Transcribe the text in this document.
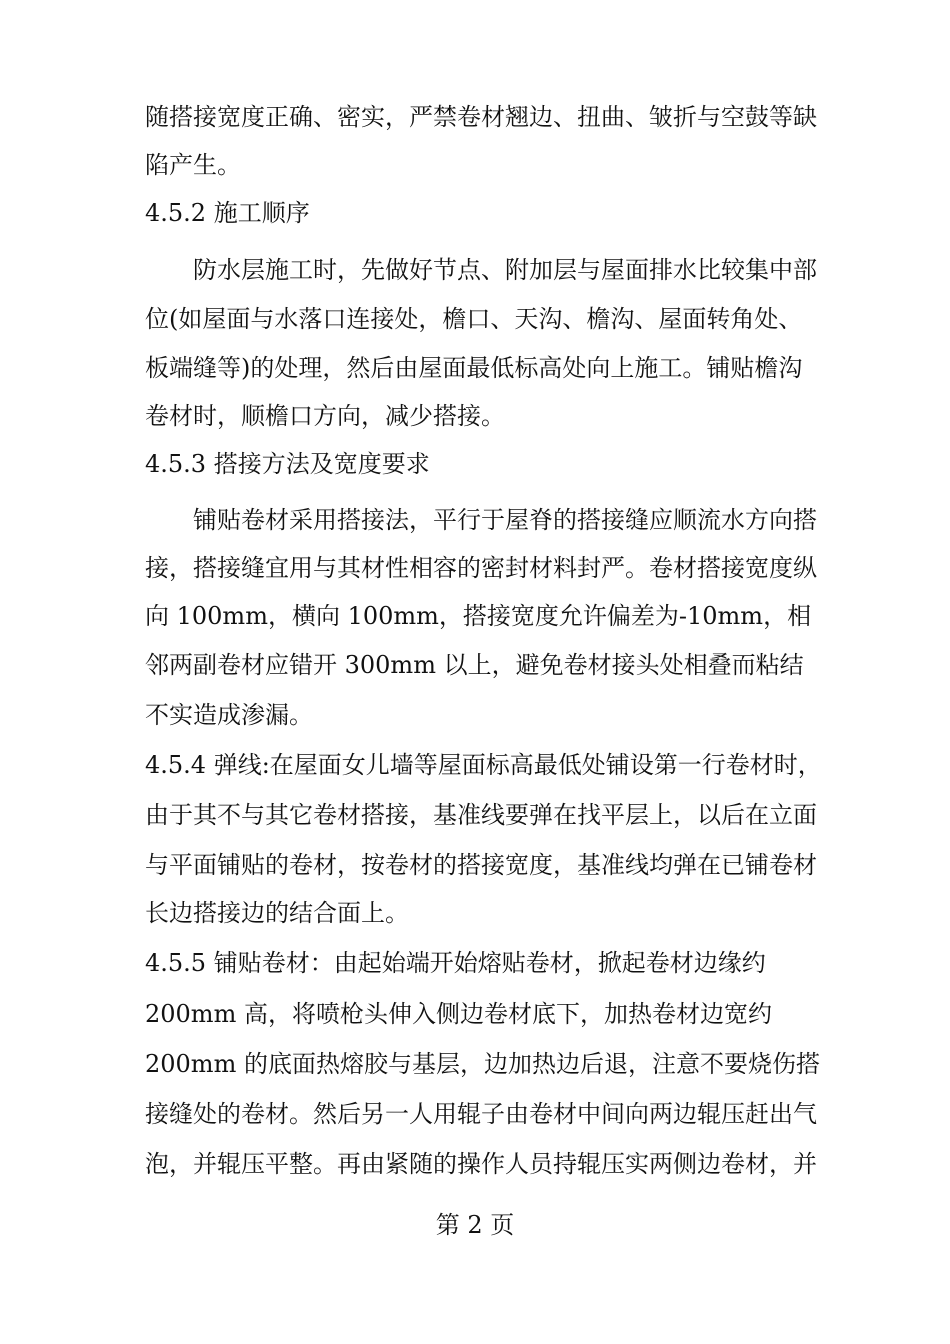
随搭接宽度正确、密实，严禁卷材翘边、扭曲、皱折与空鼓等缺
陷产生。
4.5.2 施工顺序
防水层施工时，先做好节点、附加层与屋面排水比较集中部
位(如屋面与水落口连接处，檐口、天沟、檐沟、屋面转角处、
板端缝等)的处理，然后由屋面最低标高处向上施工。铺贴檐沟
卷材时，顺檐口方向，减少搭接。
4.5.3 搭接方法及宽度要求
铺贴卷材采用搭接法，平行于屋脊的搭接缝应顺流水方向搭
接，搭接缝宜用与其材性相容的密封材料封严。卷材搭接宽度纵
向 100mm，横向 100mm，搭接宽度允许偏差为-10mm，相
邻两副卷材应错开 300mm 以上，避免卷材接头处相叠而粘结
不实造成渗漏。
4.5.4 弹线:在屋面女儿墙等屋面标高最低处铺设第一行卷材时，
由于其不与其它卷材搭接，基准线要弹在找平层上，以后在立面
与平面铺贴的卷材，按卷材的搭接宽度，基准线均弹在已铺卷材
长边搭接边的结合面上。
4.5.5 铺贴卷材：由起始端开始熔贴卷材，掀起卷材边缘约
200mm 高，将喷枪头伸入侧边卷材底下，加热卷材边宽约
200mm 的底面热熔胶与基层，边加热边后退，注意不要烧伤搭
接缝处的卷材。然后另一人用辊子由卷材中间向两边辊压赶出气
泡，并辊压平整。再由紧随的操作人员持辊压实两侧边卷材，并
第 2 页
